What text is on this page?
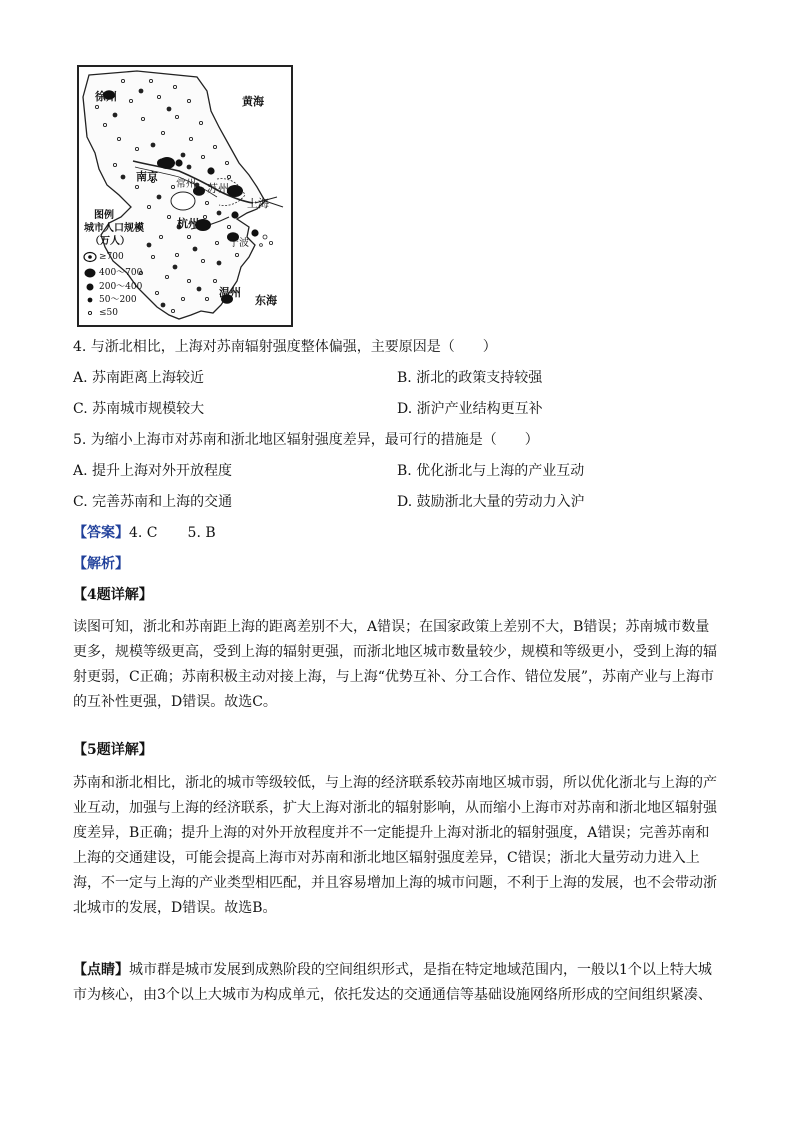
徐州	黄海
南京
常州 苏州
上海
杭州
宁波
温州
东海
图例
城市人口规模
（万人）
≥700
400～700
200～400
50～200
≤50
4. 与浙北相比，上海对苏南辐射强度整体偏强，主要原因是（　　）
A. 苏南距离上海较近	B. 浙北的政策支持较强
C. 苏南城市规模较大	D. 浙沪产业结构更互补
5. 为缩小上海市对苏南和浙北地区辐射强度差异，最可行的措施是（　　）
A. 提升上海对外开放程度	B. 优化浙北与上海的产业互动
C. 完善苏南和上海的交通	D. 鼓励浙北大量的劳动力入沪
【答案】4. C 5. B
【解析】
【4题详解】
读图可知，浙北和苏南距上海的距离差别不大，A错误；在国家政策上差别不大，B错误；苏南城市数量
更多，规模等级更高，受到上海的辐射更强，而浙北地区城市数量较少，规模和等级更小，受到上海的辐
射更弱，C正确；苏南积极主动对接上海，与上海“优势互补、分工合作、错位发展”，苏南产业与上海市
的互补性更强，D错误。故选C。
【5题详解】
苏南和浙北相比，浙北的城市等级较低，与上海的经济联系较苏南地区城市弱，所以优化浙北与上海的产
业互动，加强与上海的经济联系，扩大上海对浙北的辐射影响，从而缩小上海市对苏南和浙北地区辐射强
度差异，B正确；提升上海的对外开放程度并不一定能提升上海对浙北的辐射强度，A错误；完善苏南和
上海的交通建设，可能会提高上海市对苏南和浙北地区辐射强度差异，C错误；浙北大量劳动力进入上
海，不一定与上海的产业类型相匹配，并且容易增加上海的城市问题，不利于上海的发展，也不会带动浙
北城市的发展，D错误。故选B。
【点睛】城市群是城市发展到成熟阶段的空间组织形式，是指在特定地域范围内，一般以1个以上特大城
市为核心，由3个以上大城市为构成单元，依托发达的交通通信等基础设施网络所形成的空间组织紧凑、
